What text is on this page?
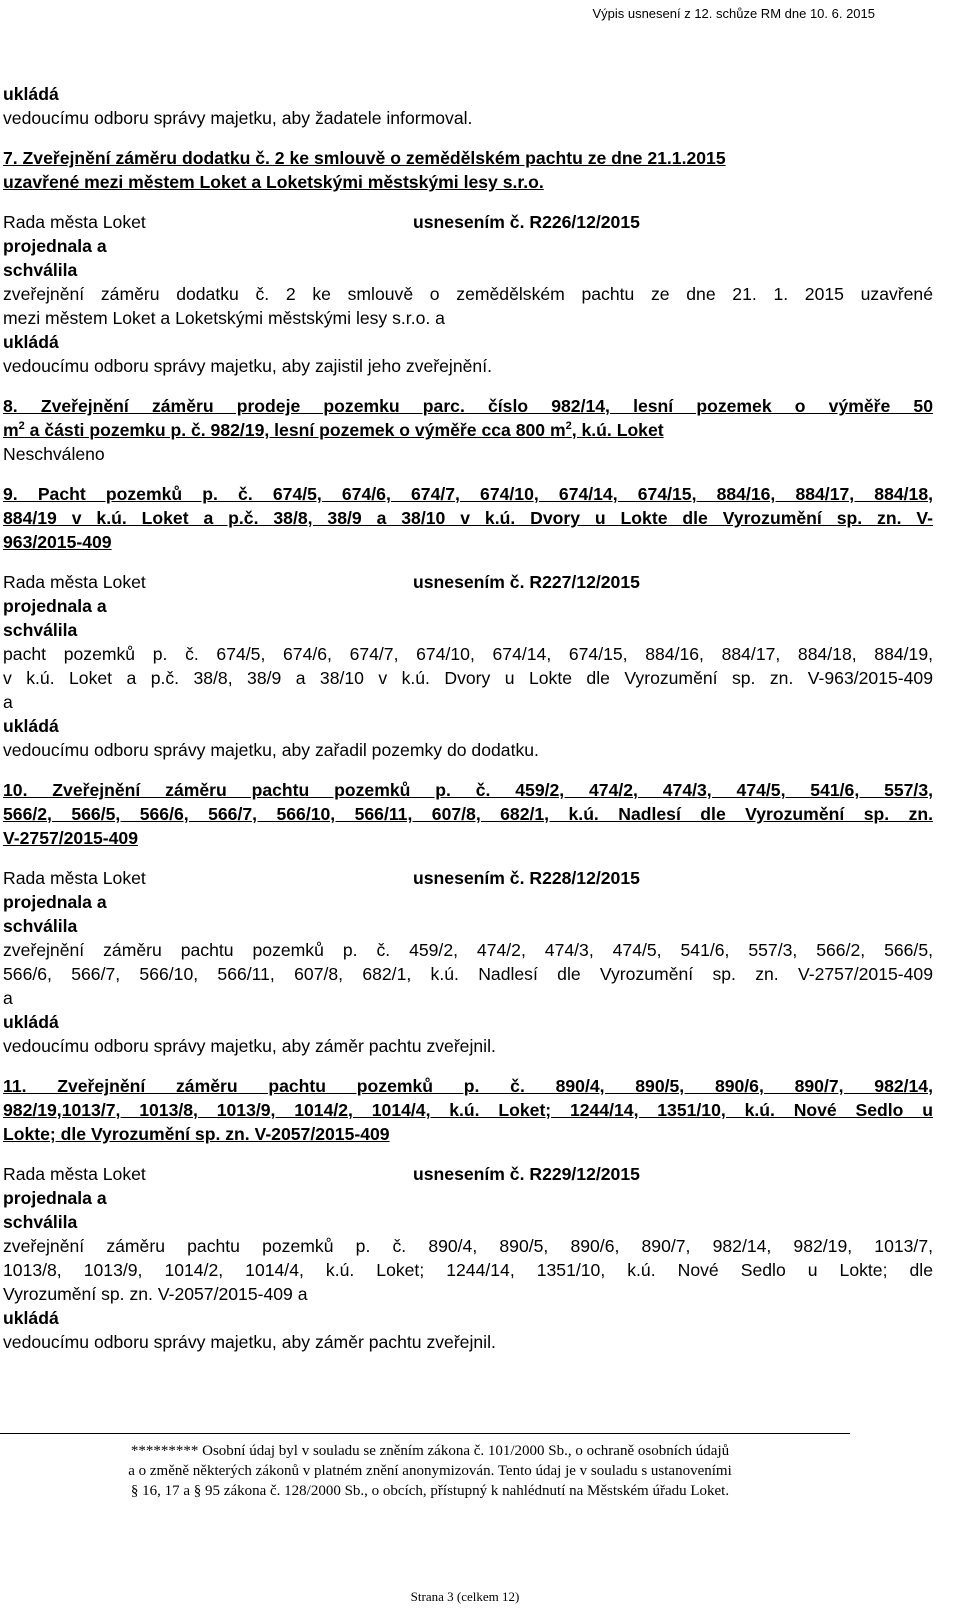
Výpis usnesení z 12. schůze RM dne 10. 6. 2015
ukládá
vedoucímu odboru správy majetku, aby žadatele informoval.
7. Zveřejnění záměru dodatku č. 2 ke smlouvě o zemědělském pachtu ze dne 21.1.2015
uzavřené mezi městem Loket a Loketskými městskými lesy s.r.o.
Rada města Loket	usnesením č. R226/12/2015
projednala a
schválila
zveřejnění záměru dodatku č. 2 ke smlouvě o zemědělském pachtu ze dne 21. 1. 2015 uzavřené
mezi městem Loket a Loketskými městskými lesy s.r.o. a
ukládá
vedoucímu odboru správy majetku, aby zajistil jeho zveřejnění.
8. Zveřejnění záměru prodeje pozemku parc. číslo 982/14, lesní pozemek o výměře 50
$m^2$ a části pozemku p. č. 982/19, lesní pozemek o výměře cca 800 $m^2$, k.ú. Loket
Neschváleno
9. Pacht pozemků p. č. 674/5, 674/6, 674/7, 674/10, 674/14, 674/15, 884/16, 884/17, 884/18,
884/19 v k.ú. Loket a p.č. 38/8, 38/9 a 38/10 v k.ú. Dvory u Lokte dle Vyrozumění sp. zn. V-
963/2015-409
Rada města Loket	usnesením č. R227/12/2015
projednala a
schválila
pacht pozemků p. č. 674/5, 674/6, 674/7, 674/10, 674/14, 674/15, 884/16, 884/17, 884/18, 884/19,
v k.ú. Loket a p.č. 38/8, 38/9 a 38/10 v k.ú. Dvory u Lokte dle Vyrozumění sp. zn. V-963/2015-409
a
ukládá
vedoucímu odboru správy majetku, aby zařadil pozemky do dodatku.
10. Zveřejnění záměru pachtu pozemků p. č. 459/2, 474/2, 474/3, 474/5, 541/6, 557/3,
566/2, 566/5, 566/6, 566/7, 566/10, 566/11, 607/8, 682/1, k.ú. Nadlesí dle Vyrozumění sp. zn.
V-2757/2015-409
Rada města Loket	usnesením č. R228/12/2015
projednala a
schválila
zveřejnění záměru pachtu pozemků p. č. 459/2, 474/2, 474/3, 474/5, 541/6, 557/3, 566/2, 566/5,
566/6, 566/7, 566/10, 566/11, 607/8, 682/1, k.ú. Nadlesí dle Vyrozumění sp. zn. V-2757/2015-409
a
ukládá
vedoucímu odboru správy majetku, aby záměr pachtu zveřejnil.
11. Zveřejnění záměru pachtu pozemků p. č. 890/4, 890/5, 890/6, 890/7, 982/14,
982/19,1013/7, 1013/8, 1013/9, 1014/2, 1014/4, k.ú. Loket; 1244/14, 1351/10, k.ú. Nové Sedlo u
Lokte; dle Vyrozumění sp. zn. V-2057/2015-409
Rada města Loket	usnesením č. R229/12/2015
projednala a
schválila
zveřejnění záměru pachtu pozemků p. č. 890/4, 890/5, 890/6, 890/7, 982/14, 982/19, 1013/7,
1013/8, 1013/9, 1014/2, 1014/4, k.ú. Loket; 1244/14, 1351/10, k.ú. Nové Sedlo u Lokte; dle
Vyrozumění sp. zn. V-2057/2015-409 a
ukládá
vedoucímu odboru správy majetku, aby záměr pachtu zveřejnil.
********* Osobní údaj byl v souladu se zněním zákona č. 101/2000 Sb., o ochraně osobních údajů
a o změně některých zákonů v platném znění anonymizován. Tento údaj je v souladu s ustanoveními
§ 16, 17 a § 95 zákona č. 128/2000 Sb., o obcích, přístupný k nahlédnutí na Městském úřadu Loket.
Strana 3 (celkem 12)
